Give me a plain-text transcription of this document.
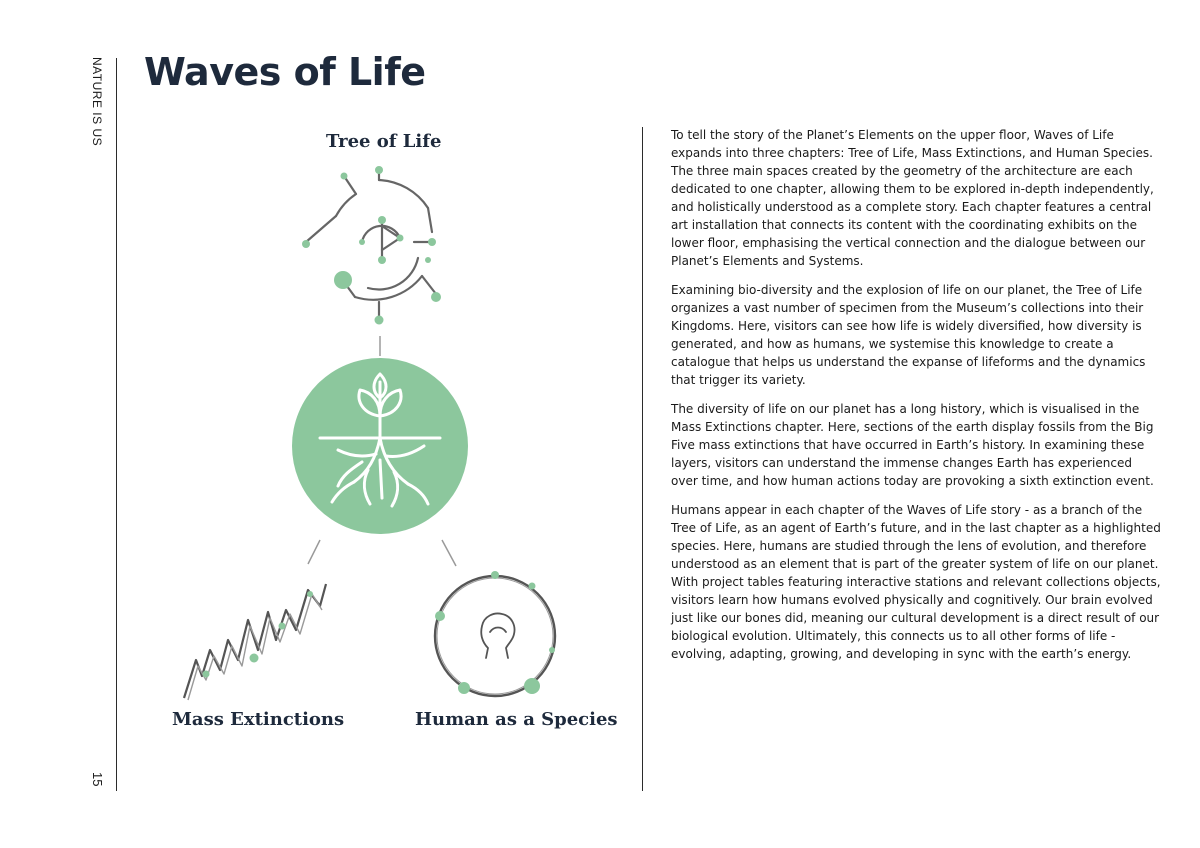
NATURE IS US
15
Waves of Life
Tree of Life
Mass Extinctions	Human as a Species

To tell the story of the Planet’s Elements on the upper floor, Waves of Life expands into three chapters: Tree of Life, Mass Extinctions, and Human Species. The three main spaces created by the geometry of the architecture are each dedicated to one chapter, allowing them to be explored in-depth independently, and holistically understood as a complete story. Each chapter features a central art installation that connects its content with the coordinating exhibits on the lower floor, emphasising the vertical connection and the dialogue between our Planet’s Elements and Systems.

Examining bio-diversity and the explosion of life on our planet, the Tree of Life organizes a vast number of specimen from the Museum’s collections into their Kingdoms. Here, visitors can see how life is widely diversified, how diversity is generated, and how as humans, we systemise this knowledge to create a catalogue that helps us understand the expanse of lifeforms and the dynamics that trigger its variety.

The diversity of life on our planet has a long history, which is visualised in the Mass Extinctions chapter. Here, sections of the earth display fossils from the Big Five mass extinctions that have occurred in Earth’s history. In examining these layers, visitors can understand the immense changes Earth has experienced over time, and how human actions today are provoking a sixth extinction event.

Humans appear in each chapter of the Waves of Life story - as a branch of the Tree of Life, as an agent of Earth’s future, and in the last chapter as a highlighted species. Here, humans are studied through the lens of evolution, and therefore understood as an element that is part of the greater system of life on our planet. With project tables featuring interactive stations and relevant collections objects, visitors learn how humans evolved physically and cognitively. Our brain evolved just like our bones did, meaning our cultural development is a direct result of our biological evolution. Ultimately, this connects us to all other forms of life - evolving, adapting, growing, and developing in sync with the earth’s energy.
